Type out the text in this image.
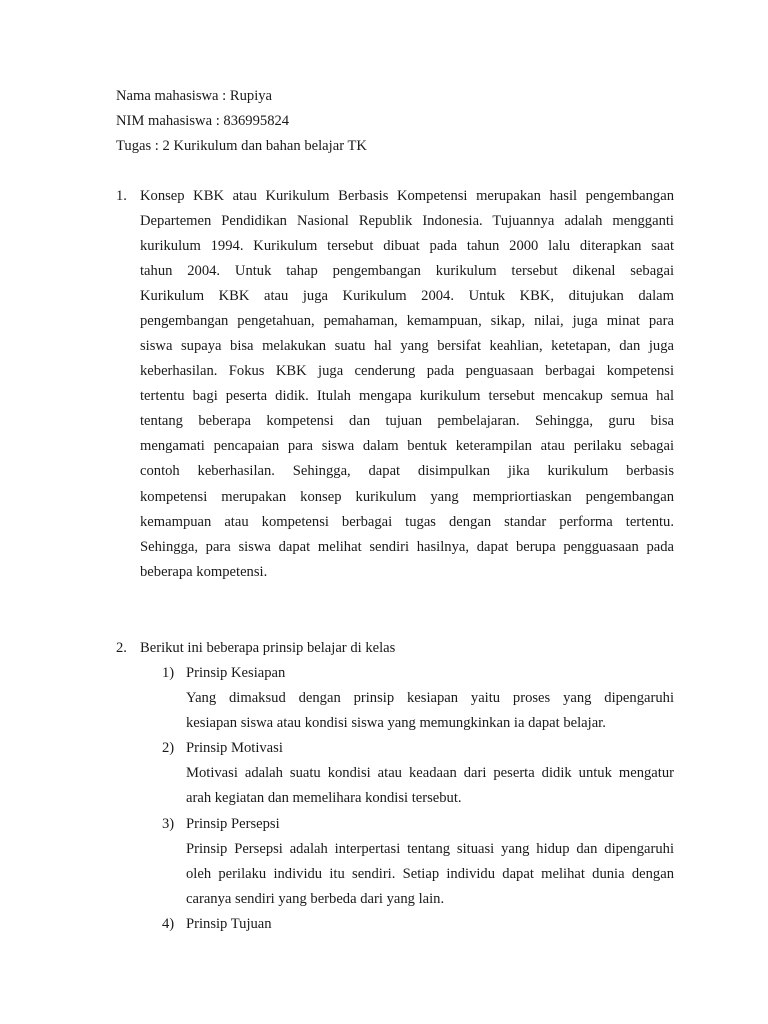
Nama mahasiswa : Rupiya
NIM mahasiswa : 836995824
Tugas : 2 Kurikulum dan bahan belajar TK
1. Konsep KBK atau Kurikulum Berbasis Kompetensi merupakan hasil pengembangan
Departemen Pendidikan Nasional Republik Indonesia. Tujuannya adalah mengganti
kurikulum 1994. Kurikulum tersebut dibuat pada tahun 2000 lalu diterapkan saat
tahun 2004. Untuk tahap pengembangan kurikulum tersebut dikenal sebagai
Kurikulum KBK atau juga Kurikulum 2004. Untuk KBK, ditujukan dalam
pengembangan pengetahuan, pemahaman, kemampuan, sikap, nilai, juga minat para
siswa supaya bisa melakukan suatu hal yang bersifat keahlian, ketetapan, dan juga
keberhasilan. Fokus KBK juga cenderung pada penguasaan berbagai kompetensi
tertentu bagi peserta didik. Itulah mengapa kurikulum tersebut mencakup semua hal
tentang beberapa kompetensi dan tujuan pembelajaran. Sehingga, guru bisa
mengamati pencapaian para siswa dalam bentuk keterampilan atau perilaku sebagai
contoh keberhasilan. Sehingga, dapat disimpulkan jika kurikulum berbasis
kompetensi merupakan konsep kurikulum yang mempriortiaskan pengembangan
kemampuan atau kompetensi berbagai tugas dengan standar performa tertentu.
Sehingga, para siswa dapat melihat sendiri hasilnya, dapat berupa pengguasaan pada
beberapa kompetensi.
2. Berikut ini beberapa prinsip belajar di kelas
1) Prinsip Kesiapan
Yang dimaksud dengan prinsip kesiapan yaitu proses yang dipengaruhi
kesiapan siswa atau kondisi siswa yang memungkinkan ia dapat belajar.
2) Prinsip Motivasi
Motivasi adalah suatu kondisi atau keadaan dari peserta didik untuk mengatur
arah kegiatan dan memelihara kondisi tersebut.
3) Prinsip Persepsi
Prinsip Persepsi adalah interpertasi tentang situasi yang hidup dan dipengaruhi
oleh perilaku individu itu sendiri. Setiap individu dapat melihat dunia dengan
caranya sendiri yang berbeda dari yang lain.
4) Prinsip Tujuan
